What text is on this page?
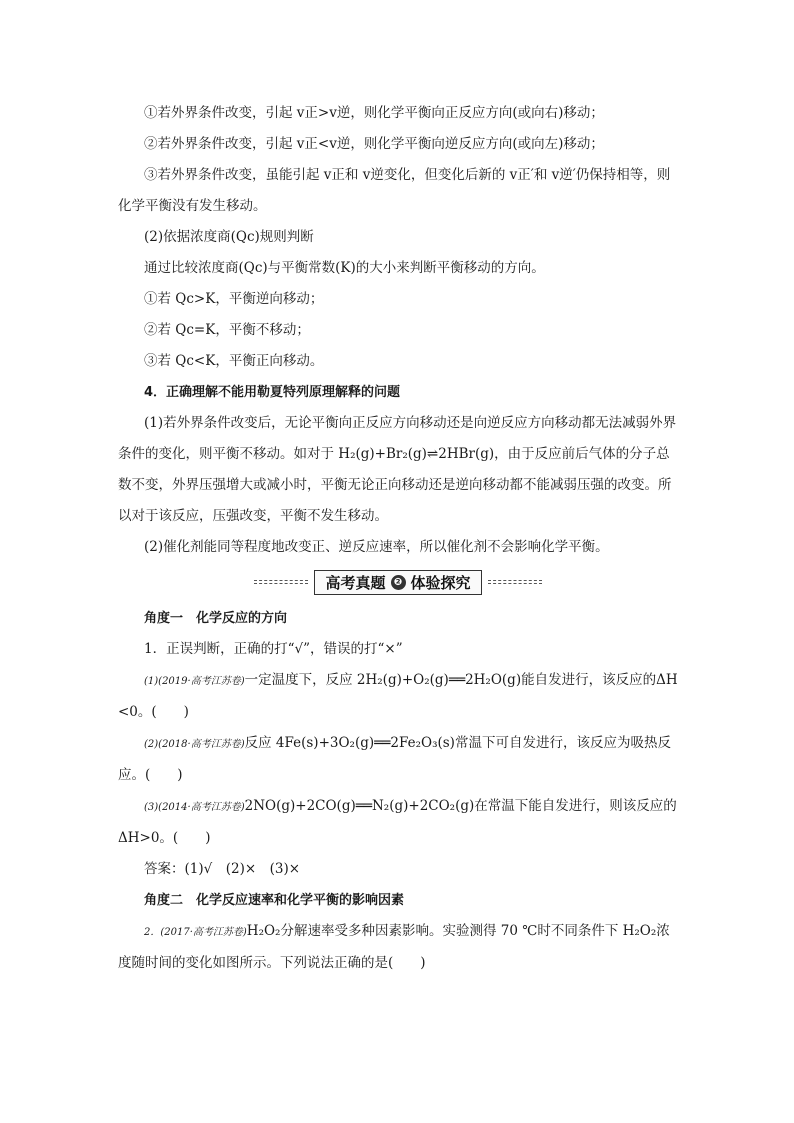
①若外界条件改变，引起 v正>v逆，则化学平衡向正反应方向(或向右)移动；

②若外界条件改变，引起 v正<v逆，则化学平衡向逆反应方向(或向左)移动；

③若外界条件改变，虽能引起 v正和 v逆变化，但变化后新的 v正′和 v逆′仍保持相等，则化学平衡没有发生移动。

(2)依据浓度商(Qc)规则判断

通过比较浓度商(Qc)与平衡常数(K)的大小来判断平衡移动的方向。

①若 Qc>K，平衡逆向移动；

②若 Qc=K，平衡不移动；

③若 Qc<K，平衡正向移动。

4．正确理解不能用勒夏特列原理解释的问题

(1)若外界条件改变后，无论平衡向正反应方向移动还是向逆反应方向移动都无法减弱外界条件的变化，则平衡不移动。如对于 H₂(g)+Br₂(g)⇌2HBr(g)，由于反应前后气体的分子总数不变，外界压强增大或减小时，平衡无论正向移动还是逆向移动都不能减弱压强的改变。所以对于该反应，压强改变，平衡不发生移动。

(2)催化剂能同等程度地改变正、逆反应速率，所以催化剂不会影响化学平衡。

高考真题 ❷ 体验探究

角度一　化学反应的方向

1．正误判断，正确的打“√”，错误的打“×”

(1)(2019·高考江苏卷)一定温度下，反应 2H₂(g)+O₂(g)══2H₂O(g)能自发进行，该反应的ΔH<0。(　　)

(2)(2018·高考江苏卷)反应 4Fe(s)+3O₂(g)══2Fe₂O₃(s)常温下可自发进行，该反应为吸热反应。(　　)

(3)(2014·高考江苏卷)2NO(g)+2CO(g)══N₂(g)+2CO₂(g)在常温下能自发进行，则该反应的ΔH>0。(　　)

答案：(1)√　(2)×　(3)×

角度二　化学反应速率和化学平衡的影响因素

2．(2017·高考江苏卷)H₂O₂分解速率受多种因素影响。实验测得 70 ℃时不同条件下 H₂O₂浓度随时间的变化如图所示。下列说法正确的是(　　)
